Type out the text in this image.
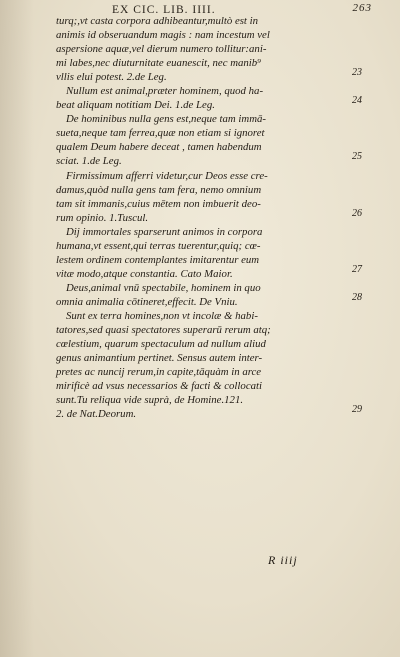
EX CIC. LIB. IIII.	263
turq;,vt casta corpora adhibeantur,multò est in
animis id obseruandum magis : nam incestum vel
aspersione aquæ,vel dierum numero tollitur:ani-
mi labes,nec diuturnitate euanescit, nec manib⁹
vllis elui potest. 2.de Leg.	23
Nullum est animal,præter hominem, quod ha-
beat aliquam notitiam Dei. 1.de Leg.	24
De hominibus nulla gens est,neque tam immā-
sueta,neque tam ferrea,quæ non etiam si ignoret
qualem Deum habere deceat , tamen habendum
sciat. 1.de Leg.	25
Firmissimum afferri videtur,cur Deos esse cre-
damus,quòd nulla gens tam fera, nemo omnium
tam sit immanis,cuius mētem non imbuerit deo-
rum opinio. 1.Tuscul.	26
Dij immortales sparserunt animos in corpora
humana,vt essent,qui terras tuerentur,quiq; cœ-
lestem ordinem contemplantes imitarentur eum
vitæ modo,atque constantia. Cato Maior.	27
Deus,animal vnū spectabile, hominem in quo
omnia animalia cōtineret,effecit. De Vniu.	28
Sunt ex terra homines,non vt incolæ & habi-
tatores,sed quasi spectatores superarū rerum atq;
cœlestium, quarum spectaculum ad nullum aliud
genus animantium pertinet. Sensus autem inter-
pretes ac nuncij rerum,in capite,tāquàm in arce
mirificè ad vsus necessarios & facti & collocati
sunt.Tu reliqua vide suprà, de Homine.121.
2. de Nat.Deorum.	29
R iiij
